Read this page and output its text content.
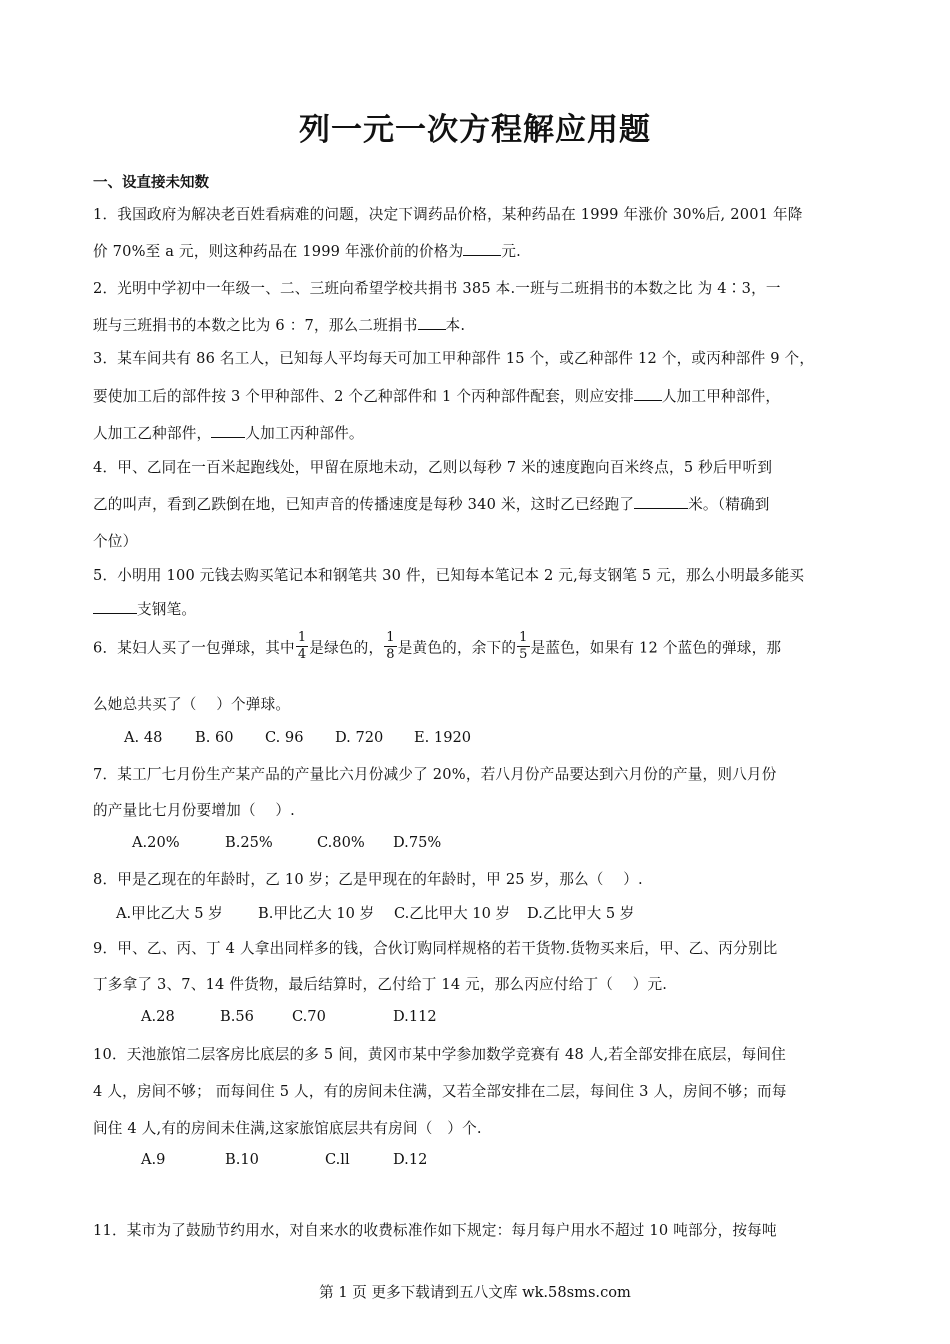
列一元一次方程解应用题
一、设直接未知数
1．我国政府为解决老百姓看病难的问题，决定下调药品价格，某种药品在 1999 年涨价 30%后, 2001 年降
价 70%至 a 元，则这种药品在 1999 年涨价前的价格为	元.
2．光明中学初中一年级一、二、三班向希望学校共捐书 385 本.一班与二班捐书的本数之比 为 4∶3，一
班与三班捐书的本数之比为 6 ：7，那么二班捐书 本.
3．某车间共有 86 名工人，已知每人平均每天可加工甲种部件 15 个，或乙种部件 12 个，或丙种部件 9 个，
要使加工后的部件按 3 个甲种部件、2 个乙种部件和 1 个丙种部件配套，则应安排 人加工甲种部件，
人加工乙种部件， 人加工丙种部件。
4．甲、乙同在一百米起跑线处，甲留在原地未动，乙则以每秒 7 米的速度跑向百米终点，5 秒后甲听到
乙的叫声，看到乙跌倒在地，已知声音的传播速度是每秒 340 米，这时乙已经跑了	米。（精确到
个位）
5．小明用 100 元钱去购买笔记本和钢笔共 30 件，已知每本笔记本 2 元,每支钢笔 5 元，那么小明最多能买
支钢笔。
6．某妇人买了一包弹球，其中 $\frac{1}{4}$ 是绿色的， $\frac{1}{8}$ 是黄色的，余下的 $\frac{1}{5}$ 是蓝色，如果有 12 个蓝色的弹球，那
么她总共买了（　 ）个弹球。
A. 48 B. 60 C. 96 D. 720 E. 1920
7．某工厂七月份生产某产品的产量比六月份减少了 20%，若八月份产品要达到六月份的产量，则八月份
的产量比七月份要增加（　 ）.
A.20%	B.25%	C.80% D.75%
8．甲是乙现在的年龄时，乙 10 岁；乙是甲现在的年龄时，甲 25 岁，那么（　 ）.
A.甲比乙大 5 岁 B.甲比乙大 10 岁 C.乙比甲大 10 岁 D.乙比甲大 5 岁
9．甲、乙、丙、丁 4 人拿出同样多的钱，合伙订购同样规格的若干货物.货物买来后，甲、乙、丙分别比
丁多拿了 3、7、14 件货物，最后结算时，乙付给丁 14 元，那么丙应付给丁（　 ）元.
A.28	B.56	C.70	D.112
10．天池旅馆二层客房比底层的多 5 间，黄冈市某中学参加数学竞赛有 48 人,若全部安排在底层，每间住
4 人，房间不够； 而每间住 5 人，有的房间未住满，又若全部安排在二层，每间住 3 人，房间不够；而每
间住 4 人,有的房间未住满,这家旅馆底层共有房间（　）个.
A.9	B.10	C.ll	D.12
11．某市为了鼓励节约用水，对自来水的收费标准作如下规定：每月每户用水不超过 10 吨部分，按每吨
第 1 页 更多下载请到五八文库 wk.58sms.com
